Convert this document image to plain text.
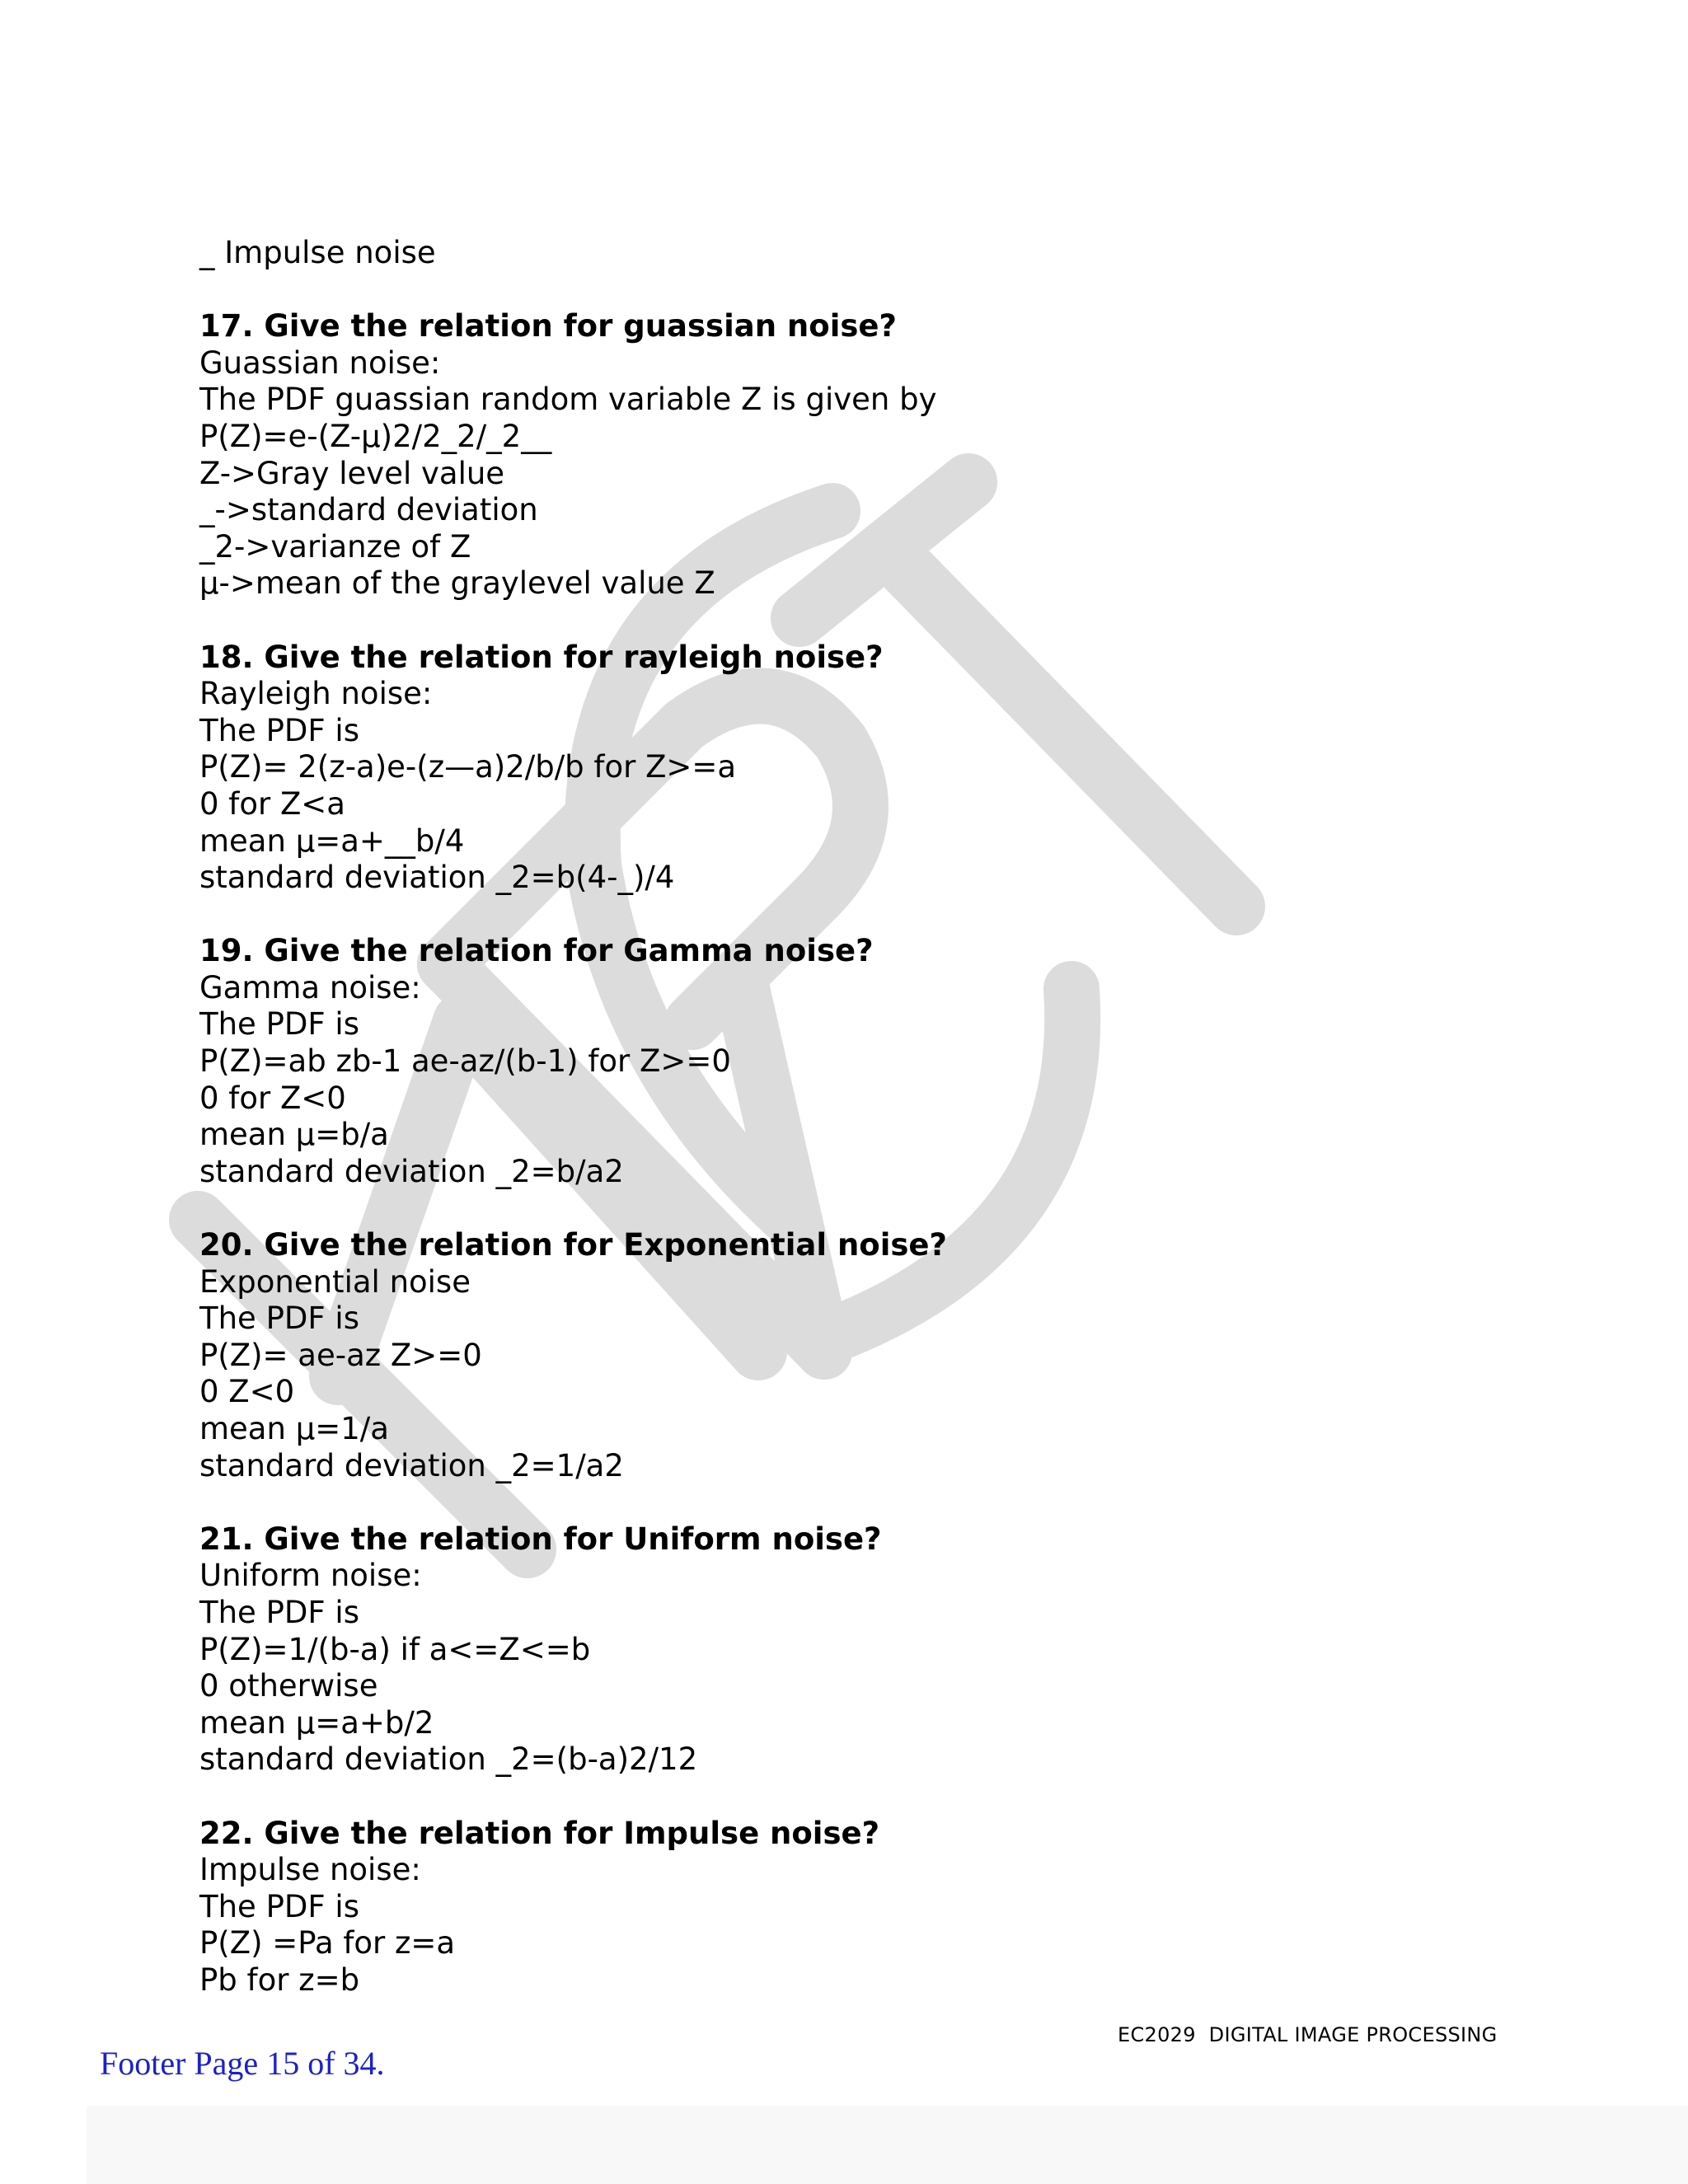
_ Impulse noise
17. Give the relation for guassian noise?
Guassian noise:
The PDF guassian random variable Z is given by
P(Z)=e-(Z-µ)2/2_2/_2__
Z->Gray level value
_->standard deviation
_2->varianze of Z
µ->mean of the graylevel value Z
18. Give the relation for rayleigh noise?
Rayleigh noise:
The PDF is
P(Z)= 2(z-a)e-(z—a)2/b/b for Z>=a
0 for Z<a
mean µ=a+__b/4
standard deviation _2=b(4-_)/4
19. Give the relation for Gamma noise?
Gamma noise:
The PDF is
P(Z)=ab zb-1 ae-az/(b-1) for Z>=0
0 for Z<0
mean µ=b/a
standard deviation _2=b/a2
20. Give the relation for Exponential noise?
Exponential noise
The PDF is
P(Z)= ae-az Z>=0
0 Z<0
mean µ=1/a
standard deviation _2=1/a2
21. Give the relation for Uniform noise?
Uniform noise:
The PDF is
P(Z)=1/(b-a) if a<=Z<=b
0 otherwise
mean µ=a+b/2
standard deviation _2=(b-a)2/12
22. Give the relation for Impulse noise?
Impulse noise:
The PDF is
P(Z) =Pa for z=a
Pb for z=b
EC2029  DIGITAL IMAGE PROCESSING
Footer Page 15 of 34.
